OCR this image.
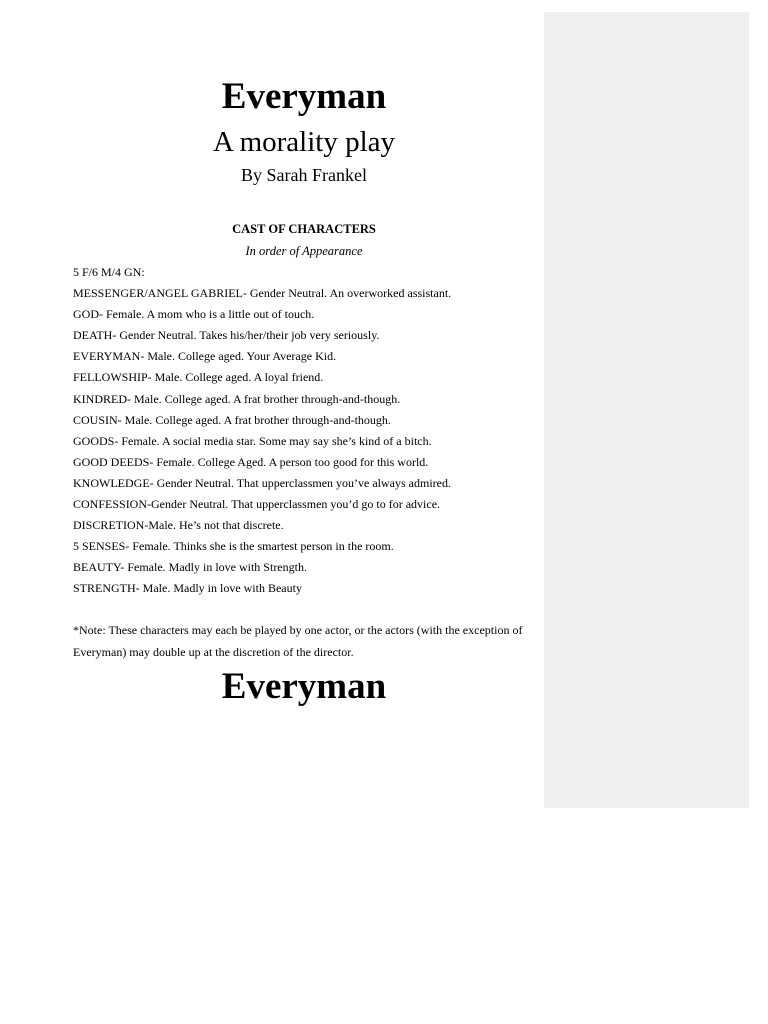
Everyman
A morality play
By Sarah Frankel
CAST OF CHARACTERS
In order of Appearance
5 F/6 M/4 GN:
MESSENGER/ANGEL GABRIEL- Gender Neutral. An overworked assistant.
GOD- Female. A mom who is a little out of touch.
DEATH- Gender Neutral. Takes his/her/their job very seriously.
EVERYMAN- Male. College aged. Your Average Kid.
FELLOWSHIP- Male. College aged. A loyal friend.
KINDRED- Male. College aged. A frat brother through-and-though.
COUSIN- Male. College aged. A frat brother through-and-though.
GOODS- Female. A social media star. Some may say she’s kind of a bitch.
GOOD DEEDS- Female. College Aged. A person too good for this world.
KNOWLEDGE- Gender Neutral. That upperclassmen you’ve always admired.
CONFESSION-Gender Neutral. That upperclassmen you’d go to for advice.
DISCRETION-Male. He’s not that discrete.
5 SENSES- Female. Thinks she is the smartest person in the room.
BEAUTY- Female. Madly in love with Strength.
STRENGTH- Male. Madly in love with Beauty
*Note: These characters may each be played by one actor, or the actors (with the exception of Everyman) may double up at the discretion of the director.
Everyman
